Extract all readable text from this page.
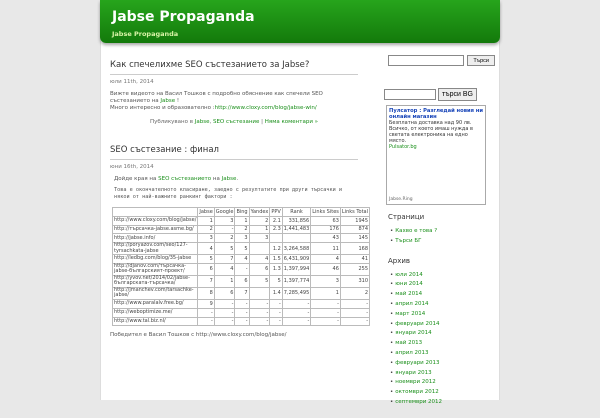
Jabse Propaganda
Jabse Propaganda
Как спечелихме SEO състезанието за Jabse?
юли 11th, 2014
Вижте видеото на Васил Тошков с подробно обяснение как спечели SEO
състезанието на Jabse !
Много интересно и образователно :http://www.cloxy.com/blog/jabse-win/
Публикувано в Jabse, SEO състезание | Няма коментари »
SEO състезание : финал
юни 16th, 2014
Дойде края на SEO състезанието на Jabse.
Това е окончателното класиране, заедно с резултатите при други търсачки и
някои от най-важните ранкинг фактори :
	Jabse	Google	Bing	Yandex	PPV	Rank	Links Sites	Links Total
http://www.cloxy.com/blog/jabse/	1	3	1	2	2.1	331,856	63	1945
http://търсачка-jabse.asme.bg/	2	-	2	1	2.3	1,441,483	176	874
http://jabse.info/	3	2	3	3			43	145
http://poryazov.com/seo/127-tyrsachkata-jabse	4	5	5		1.2	3,264,588	11	168
http://ledbg.com/blog/35-jabse	5	7	4	4	1.5	6,431,909	4	41
http://djanov.com/търсачка-jabse-българският-проект/	6	4	-	6	1.3	1,397,994	46	255
http://yvov.net/2014/02/jabse-българската-търсачка/	7	1	6	5	5	1,397,774	3	310
http://jmanchev.com/tarsachke-jabse/	8	6	7		1.4	7,285,495	1	2
http://www.paralalv.free.bg/	9	-	-	-	-	-	-	-
http://weboptimize.me/	-	-	-	-	-	-	-	-
http://www.tal.biz.nl/	-	-	-	-	-	-	-	-
Победител е Васил Тошков с http://www.cloxy.com/blog/jabse/
Търси
търси BG
Пулсатор : Разгледай новия ни онлайн магазин
Безплатна доставка над 90 лв. Всичко, от което имаш нужда в светата електроника на едно място.
Pulsator.bg
Jabse.Ring
Страници
• Кахво е това ?
• Търси БГ
Архив
• юли 2014
• юни 2014
• май 2014
• април 2014
• март 2014
• февруари 2014
• януари 2014
• май 2013
• април 2013
• февруари 2013
• януари 2013
• ноември 2012
• октомври 2012
• септември 2012
